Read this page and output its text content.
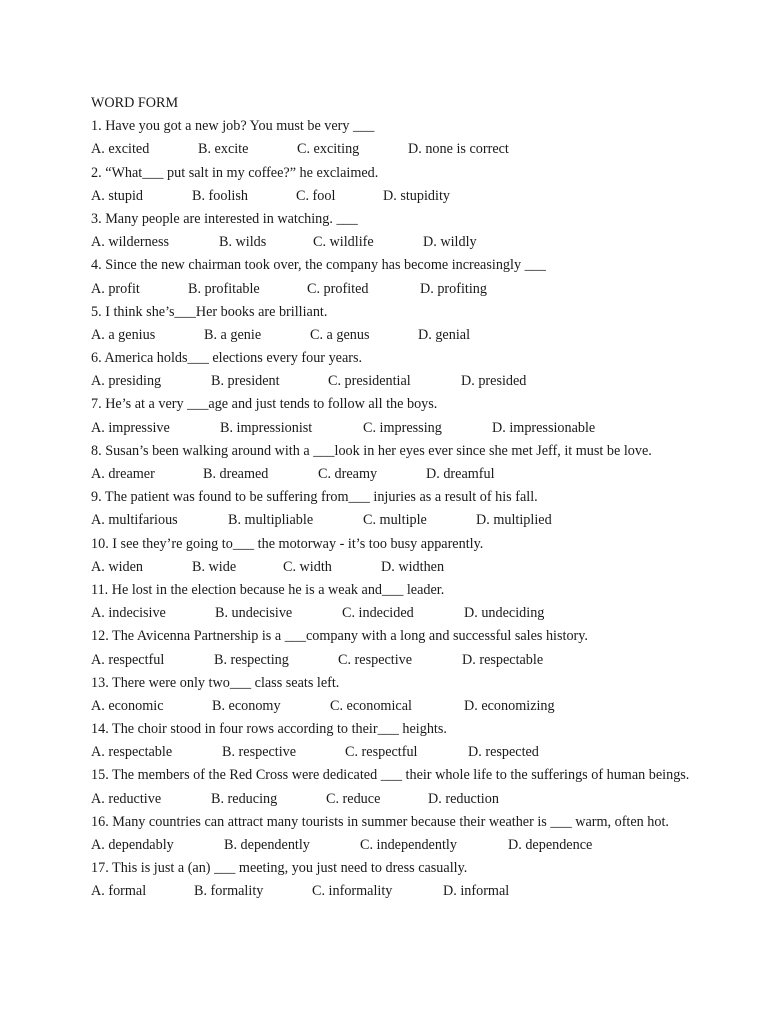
WORD FORM
1. Have you got a new job? You must be very ___
A. excited	B. excite	C. exciting	D. none is correct
2. “What___ put salt in my coffee?” he exclaimed.
A. stupid	B. foolish	C. fool	D. stupidity
3. Many people are interested in watching. ___
A. wilderness	B. wilds	C. wildlife	D. wildly
4. Since the new chairman took over, the company has become increasingly ___
A. profit	B. profitable	C. profited	D. profiting
5. I think she’s___Her books are brilliant.
A. a genius	B. a genie	C. a genus	D. genial
6. America holds___ elections every four years.
A. presiding	B. president	C. presidential	D. presided
7. He’s at a very ___age and just tends to follow all the boys.
A. impressive	B. impressionist	C. impressing	D. impressionable
8. Susan’s been walking around with a ___look in her eyes ever since she met Jeff, it must be love.
A. dreamer	B. dreamed	C. dreamy	D. dreamful
9. The patient was found to be suffering from___ injuries as a result of his fall.
A. multifarious	B. multipliable	C. multiple	D. multiplied
10. I see they’re going to___ the motorway - it’s too busy apparently.
A. widen	B. wide	C. width	D. widthen
11. He lost in the election because he is a weak and___ leader.
A. indecisive	B. undecisive	C. indecided	D. undeciding
12. The Avicenna Partnership is a ___company with a long and successful sales history.
A. respectful	B. respecting	C. respective	D. respectable
13. There were only two___ class seats left.
A. economic	B. economy	C. economical	D. economizing
14. The choir stood in four rows according to their___ heights.
A. respectable	B. respective	C. respectful	D. respected
15. The members of the Red Cross were dedicated ___ their whole life to the sufferings of human beings.
A. reductive	B. reducing	C. reduce	D. reduction
16. Many countries can attract many tourists in summer because their weather is ___ warm, often hot.
A. dependably	B. dependently	C. independently	D. dependence
17. This is just a (an) ___ meeting, you just need to dress casually.
A. formal	B. formality	C. informality	D. informal
